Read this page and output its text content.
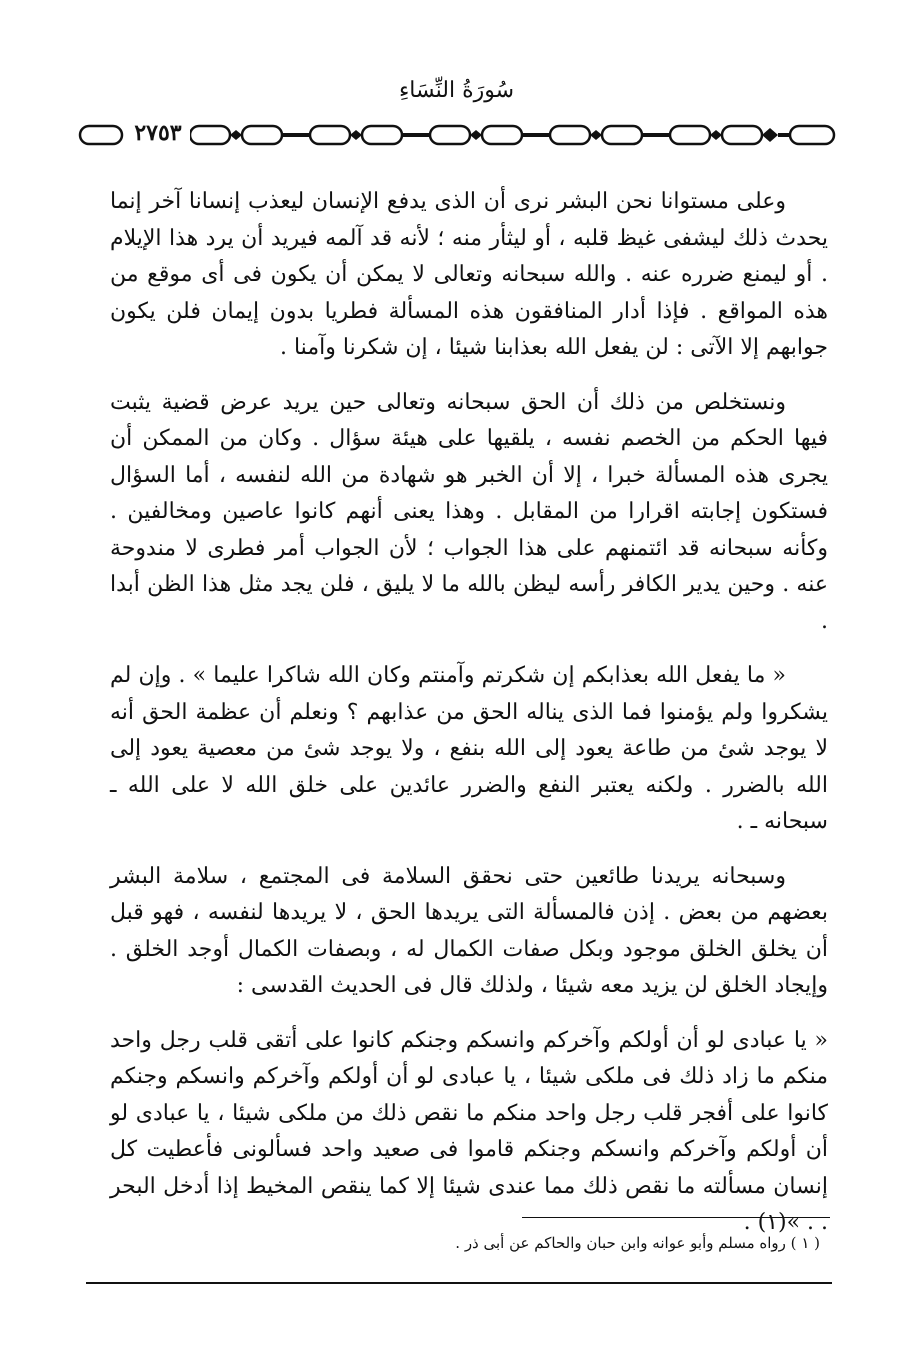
سُورَةُ النِّسَاءِ
٢٧٥٣

وعلى مستوانا نحن البشر نرى أن الذى يدفع الإنسان ليعذب إنسانا آخر إنما يحدث ذلك ليشفى غيظ قلبه ، أو ليثأر منه ؛ لأنه قد آلمه فيريد أن يرد هذا الإيلام . أو ليمنع ضرره عنه . والله سبحانه وتعالى لا يمكن أن يكون فى أى موقع من هذه المواقع . فإذا أدار المنافقون هذه المسألة فطريا بدون إيمان فلن يكون جوابهم إلا الآتى : لن يفعل الله بعذابنا شيئا ، إن شكرنا وآمنا .

ونستخلص من ذلك أن الحق سبحانه وتعالى حين يريد عرض قضية يثبت فيها الحكم من الخصم نفسه ، يلقيها على هيئة سؤال . وكان من الممكن أن يجرى هذه المسألة خبرا ، إلا أن الخبر هو شهادة من الله لنفسه ، أما السؤال فستكون إجابته اقرارا من المقابل . وهذا يعنى أنهم كانوا عاصين ومخالفين . وكأنه سبحانه قد ائتمنهم على هذا الجواب ؛ لأن الجواب أمر فطرى لا مندوحة عنه . وحين يدير الكافر رأسه ليظن بالله ما لا يليق ، فلن يجد مثل هذا الظن أبدا .

« ما يفعل الله بعذابكم إن شكرتم وآمنتم وكان الله شاكرا عليما » . وإن لم يشكروا ولم يؤمنوا فما الذى يناله الحق من عذابهم ؟ ونعلم أن عظمة الحق أنه لا يوجد شئ من طاعة يعود إلى الله بنفع ، ولا يوجد شئ من معصية يعود إلى الله بالضرر . ولكنه يعتبر النفع والضرر عائدين على خلق الله لا على الله ـ سبحانه ـ .

وسبحانه يريدنا طائعين حتى نحقق السلامة فى المجتمع ، سلامة البشر بعضهم من بعض . إذن فالمسألة التى يريدها الحق ، لا يريدها لنفسه ، فهو قبل أن يخلق الخلق موجود وبكل صفات الكمال له ، وبصفات الكمال أوجد الخلق . وإيجاد الخلق لن يزيد معه شيئا ، ولذلك قال فى الحديث القدسى :

« يا عبادى لو أن أولكم وآخركم وانسكم وجنكم كانوا على أتقى قلب رجل واحد منكم ما زاد ذلك فى ملكى شيئا ، يا عبادى لو أن أولكم وآخركم وانسكم وجنكم كانوا على أفجر قلب رجل واحد منكم ما نقص ذلك من ملكى شيئا ، يا عبادى لو أن أولكم وآخركم وانسكم وجنكم قاموا فى صعيد واحد فسألونى فأعطيت كل إنسان مسألته ما نقص ذلك مما عندى شيئا إلا كما ينقص المخيط إذا أدخل البحر . . »(١) .

( ١ ) رواه مسلم وأبو عوانه وابن حبان والحاكم عن أبى ذر .
